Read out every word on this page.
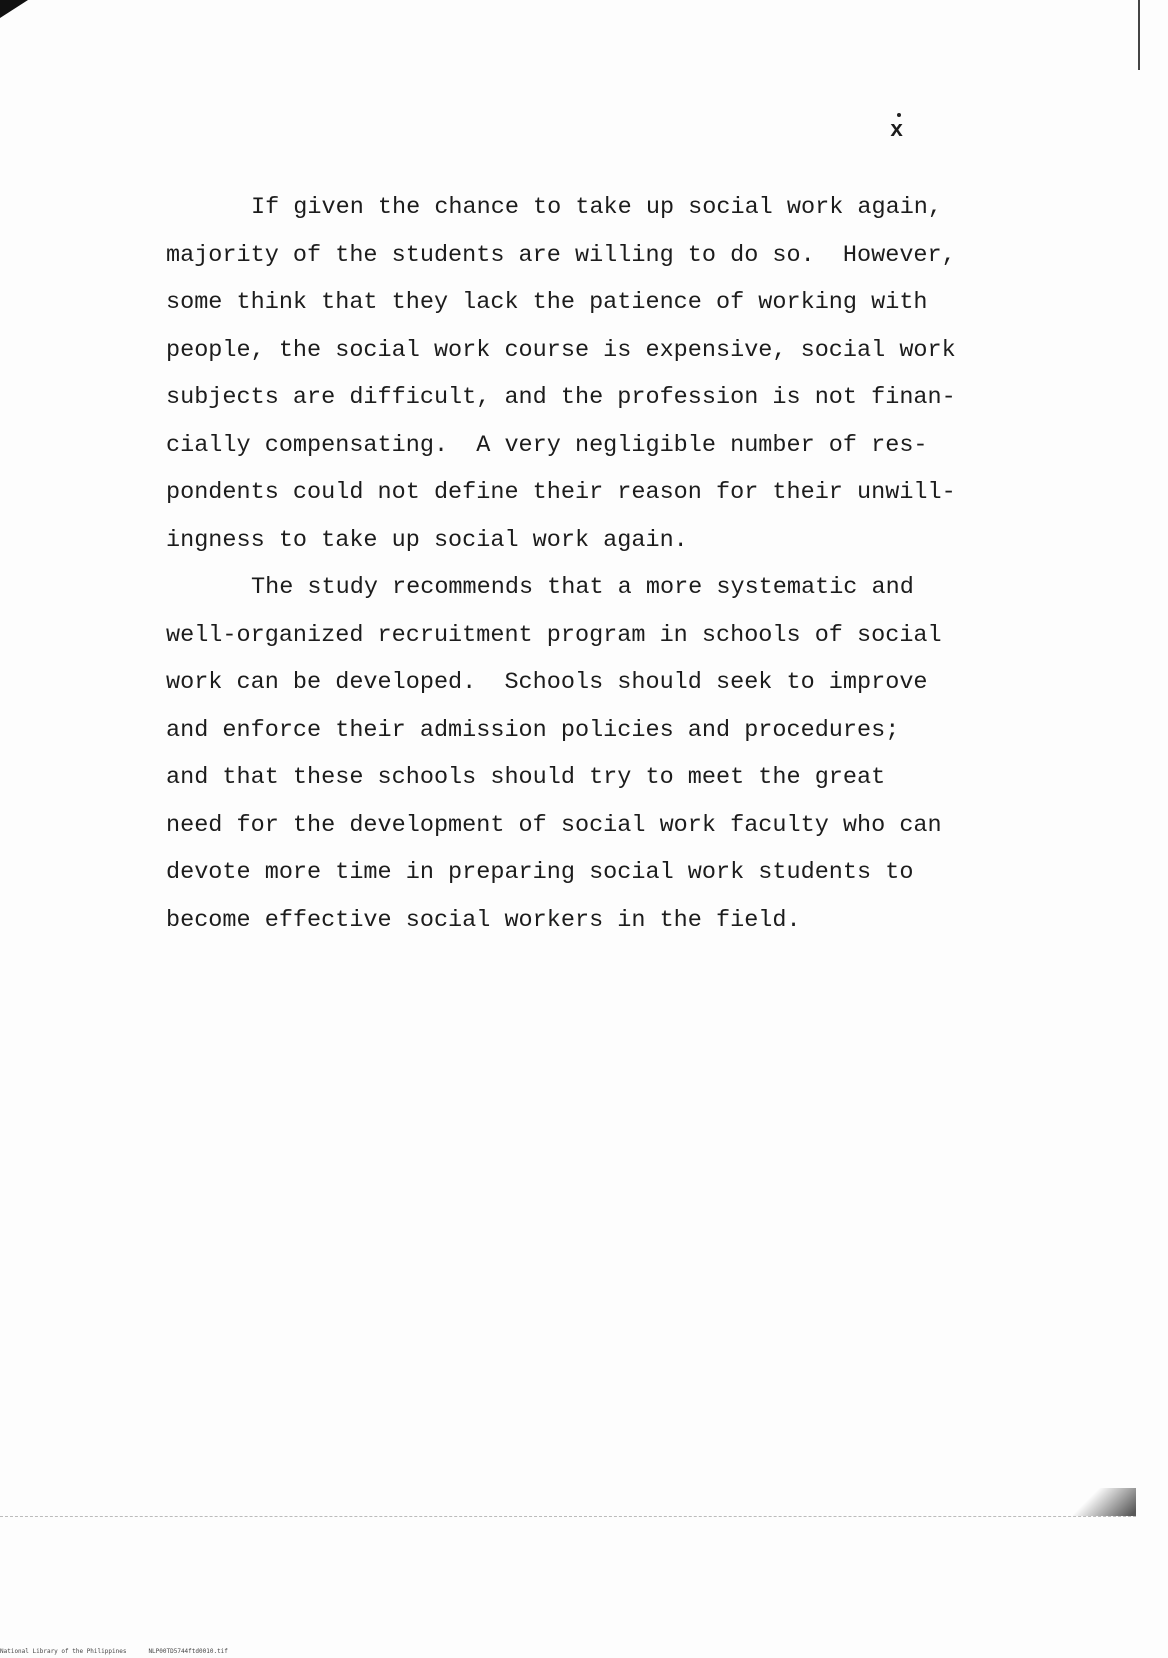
x

If given the chance to take up social work again,
majority of the students are willing to do so.  However,
some think that they lack the patience of working with
people, the social work course is expensive, social work
subjects are difficult, and the profession is not finan-
cially compensating.  A very negligible number of res-
pondents could not define their reason for their unwill-
ingness to take up social work again.

The study recommends that a more systematic and
well-organized recruitment program in schools of social
work can be developed.  Schools should seek to improve
and enforce their admission policies and procedures;
and that these schools should try to meet the great
need for the development of social work faculty who can
devote more time in preparing social work students to
become effective social workers in the field.

National Library of the Philippines	NLP00TD5744ftd0010.tif
